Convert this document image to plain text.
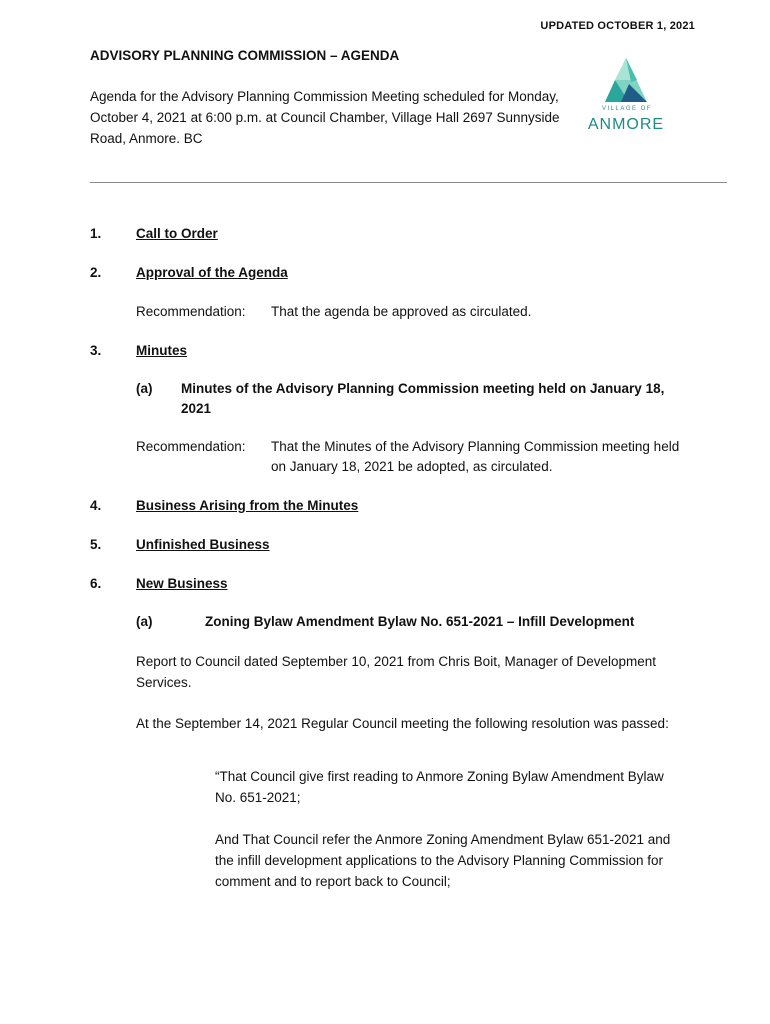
UPDATED OCTOBER 1, 2021
ADVISORY PLANNING COMMISSION – AGENDA
Agenda for the Advisory Planning Commission Meeting scheduled for Monday, October 4, 2021 at 6:00 p.m. at Council Chamber, Village Hall 2697 Sunnyside Road, Anmore. BC
VILLAGE OF
ANMORE
1.	Call to Order
2.	Approval of the Agenda
Recommendation: That the agenda be approved as circulated.
3.	Minutes
(a) Minutes of the Advisory Planning Commission meeting held on January 18, 2021
Recommendation: That the Minutes of the Advisory Planning Commission meeting held on January 18, 2021 be adopted, as circulated.
4.	Business Arising from the Minutes
5.	Unfinished Business
6.	New Business
(a)	Zoning Bylaw Amendment Bylaw No. 651-2021 – Infill Development
Report to Council dated September 10, 2021 from Chris Boit, Manager of Development Services.
At the September 14, 2021 Regular Council meeting the following resolution was passed:
“That Council give first reading to Anmore Zoning Bylaw Amendment Bylaw No. 651-2021;
And That Council refer the Anmore Zoning Amendment Bylaw 651-2021 and the infill development applications to the Advisory Planning Commission for comment and to report back to Council;
